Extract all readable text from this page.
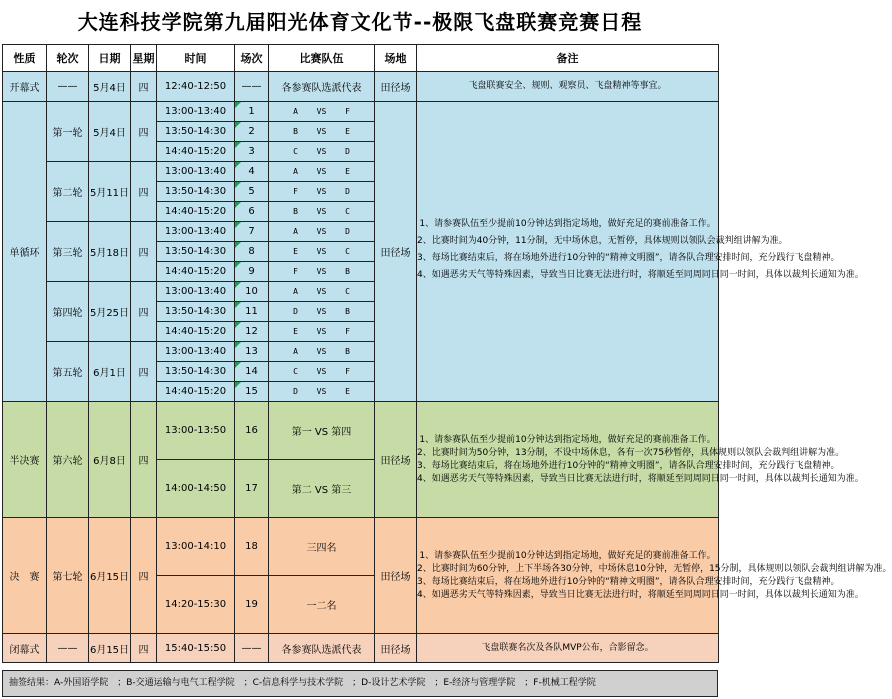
大连科技学院第九届阳光体育文化节--极限飞盘联赛竞赛日程
性质	轮次	日期	星期	时间	场次	比赛队伍	场地	备注
开幕式	——	5月4日	四	12:40-12:50	——	各参赛队选派代表	田径场	飞盘联赛安全、规则、观察员、飞盘精神等事宜。
单循环	第一轮	5月4日	四	13:00-13:40	1	A VS F	田径场	1、请参赛队伍至少提前10分钟达到指定场地，做好充足的赛前准备工作。

2、比赛时间为40分钟，11分制，无中场休息，无暂停，具体规则以领队会裁判组讲解为准。

3、每场比赛结束后，将在场地外进行10分钟的“精神文明圈”，请各队合理安排时间，充分践行飞盘精神。

4、如遇恶劣天气等特殊因素，导致当日比赛无法进行时，将顺延至同周同日同一时间，具体以裁判长通知为准。

				13:50-14:30	2	B VS E		
				14:40-15:20	3	C VS D		
	第二轮	5月11日	四	13:00-13:40	4	A VS E		
				13:50-14:30	5	F VS D		
				14:40-15:20	6	B VS C		
	第三轮	5月18日	四	13:00-13:40	7	A VS D		
				13:50-14:30	8	E VS C		
				14:40-15:20	9	F VS B		
	第四轮	5月25日	四	13:00-13:40	10	A VS C		
				13:50-14:30	11	D VS B		
				14:40-15:20	12	E VS F		
	第五轮	6月1日	四	13:00-13:40	13	A VS B		
				13:50-14:30	14	C VS F		
				14:40-15:20	15	D VS E		
半决赛	第六轮	6月8日	四	13:00-13:50	16	第一 VS 第四	田径场	1、请参赛队伍至少提前10分钟达到指定场地，做好充足的赛前准备工作。

2、比赛时间为50分钟，13分制，不设中场休息，各有一次75秒暂停，具体规则以领队会裁判组讲解为准。

3、每场比赛结束后，将在场地外进行10分钟的“精神文明圈”，请各队合理安排时间，充分践行飞盘精神。

4、如遇恶劣天气等特殊因素，导致当日比赛无法进行时，将顺延至同周同日同一时间，具体以裁判长通知为准。

				14:00-14:50	17	第二 VS 第三		
决　赛	第七轮	6月15日	四	13:00-14:10	18	三四名	田径场	1、请参赛队伍至少提前10分钟达到指定场地，做好充足的赛前准备工作。

2、比赛时间为60分钟，上下半场各30分钟，中场休息10分钟，无暂停，15分制，具体规则以领队会裁判组讲解为准。

3、每场比赛结束后，将在场地外进行10分钟的“精神文明圈”，请各队合理安排时间，充分践行飞盘精神。

4、如遇恶劣天气等特殊因素，导致当日比赛无法进行时，将顺延至同周同日同一时间，具体以裁判长通知为准。

				14:20-15:30	19	一二名		
闭幕式	——	6月15日	四	15:40-15:50	——	各参赛队选派代表	田径场	飞盘联赛名次及各队MVP公布，合影留念。
抽签结果：A-外国语学院　；B-交通运输与电气工程学院　；C-信息科学与技术学院　；D-设计艺术学院　；E-经济与管理学院　；F-机械工程学院
